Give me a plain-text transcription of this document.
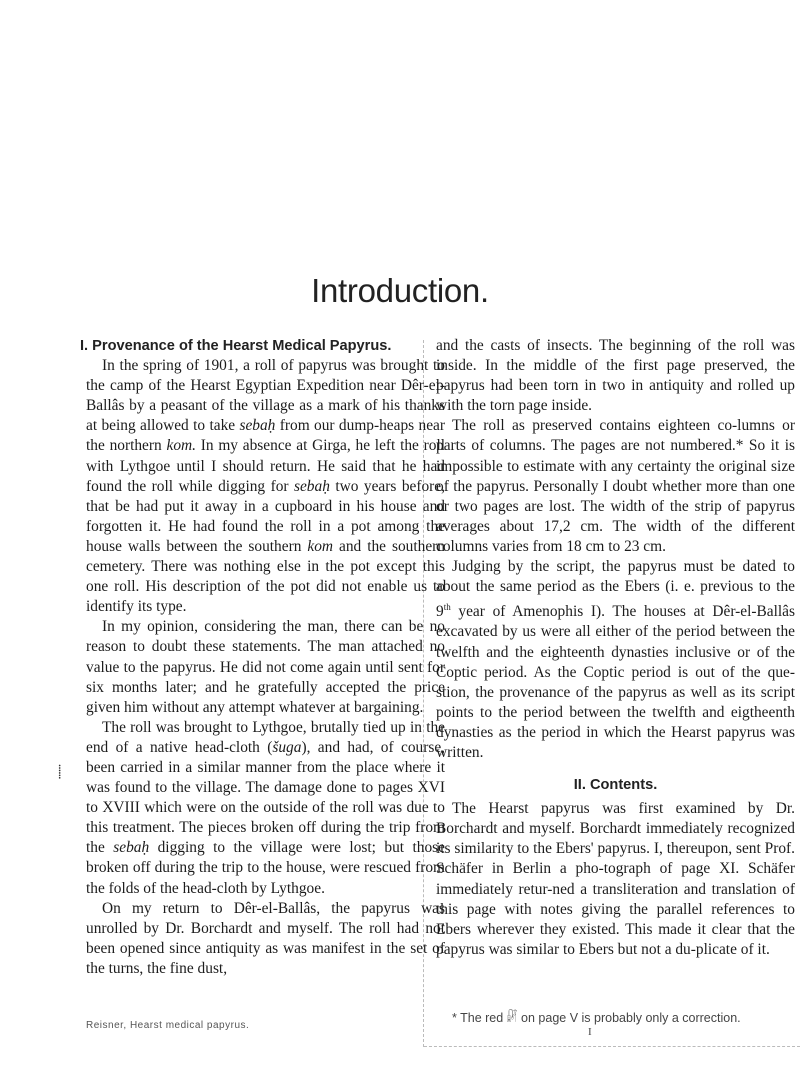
Introduction.
⸽
I. Provenance of the Hearst Medical Papyrus.

In the spring of 1901, a roll of papyrus was brought to the camp of the Hearst Egyptian Expedition near Dêr-el-Ballâs by a peasant of the village as a mark of his thanks at being allowed to take sebaḥ from our dump-heaps near the northern kom. In my absence at Girga, he left the roll with Lythgoe until I should return. He said that he had found the roll while digging for sebaḥ two years before, that be had put it away in a cupboard in his house and forgotten it. He had found the roll in a pot among the house walls between the southern kom and the southern cemetery. There was nothing else in the pot except this one roll. His description of the pot did not enable us to identify its type.

In my opinion, considering the man, there can be no reason to doubt these statements. The man attached no value to the papyrus. He did not come again until sent for six months later; and he gratefully accepted the price given him without any attempt whatever at bargaining.

The roll was brought to Lythgoe, brutally tied up in the end of a native head-cloth (šuga), and had, of course, been carried in a similar manner from the place where it was found to the village. The damage done to pages XVI to XVIII which were on the outside of the roll was due to this treatment. The pieces broken off during the trip from the sebaḥ digging to the village were lost; but those broken off during the trip to the house, were rescued from the folds of the head-cloth by Lythgoe.

On my return to Dêr-el-Ballâs, the papyrus was unrolled by Dr. Borchardt and myself. The roll had not been opened since antiquity as was manifest in the set of the turns, the fine dust,

and the casts of insects. The beginning of the roll was inside. In the middle of the first page preserved, the papyrus had been torn in two in antiquity and rolled up with the torn page inside.

The roll as preserved contains eighteen co-lumns or parts of columns. The pages are not numbered.* So it is impossible to estimate with any certainty the original size of the papyrus. Personally I doubt whether more than one or two pages are lost. The width of the strip of papyrus averages about 17,2 cm. The width of the different columns varies from 18 cm to 23 cm.

Judging by the script, the papyrus must be dated to about the same period as the Ebers (i. e. previous to the 9th year of Amenophis I). The houses at Dêr-el-Ballâs excavated by us were all either of the period between the twelfth and the eighteenth dynasties inclusive or of the Coptic period. As the Coptic period is out of the que-stion, the provenance of the papyrus as well as its script points to the period between the twelfth and eigtheenth dynasties as the period in which the Hearst papyrus was written.

II. Contents.

The Hearst papyrus was first examined by Dr. Borchardt and myself. Borchardt immediately recognized its similarity to the Ebers' papyrus. I, thereupon, sent Prof. Schäfer in Berlin a pho-tograph of page XI. Schäfer immediately retur-ned a transliteration and translation of this page with notes giving the parallel references to Ebers wherever they existed. This made it clear that the papyrus was similar to Ebers but not a du-plicate of it.

Reisner, Hearst medical papyrus.
* The red 𓏞 on page V is probably only a correction.
I
